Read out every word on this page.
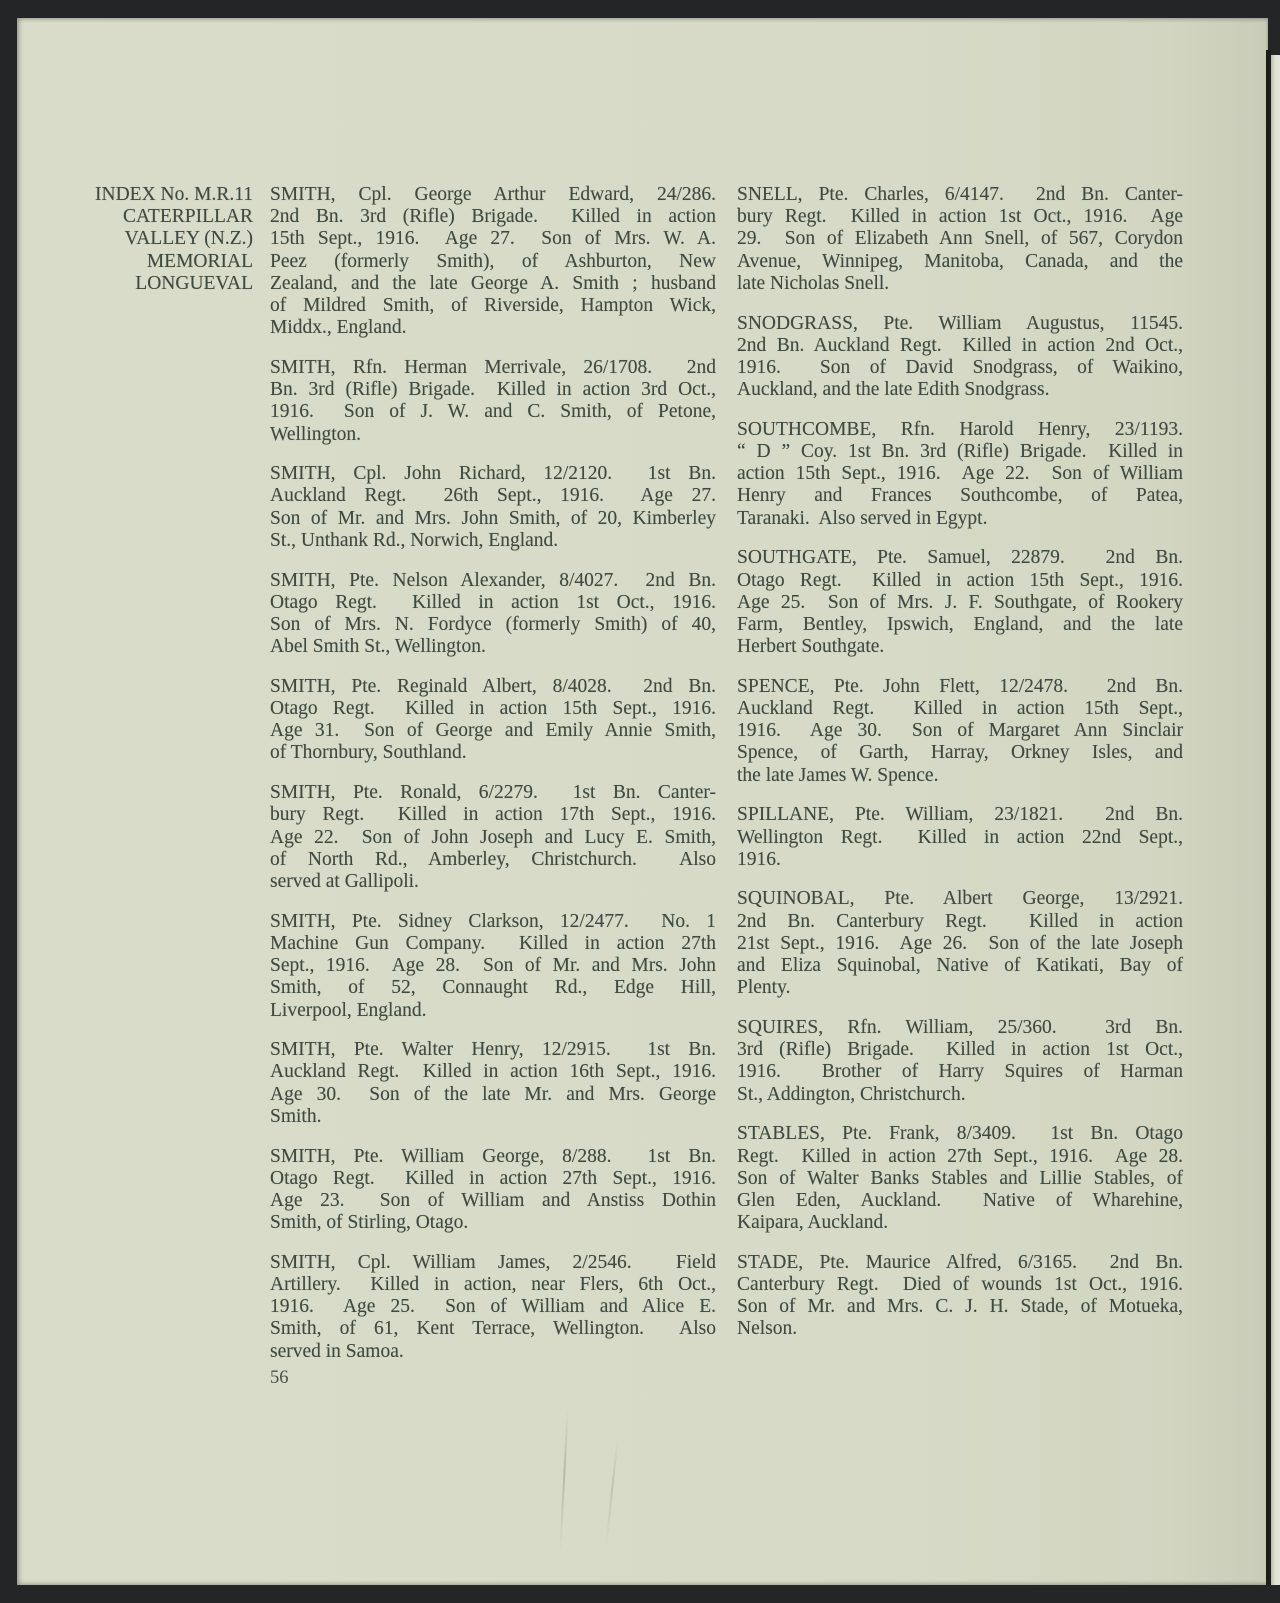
INDEX No. M.R.11
CATERPILLAR
VALLEY (N.Z.)
MEMORIAL
LONGUEVAL
SMITH, Cpl. George Arthur Edward, 24/286.
2nd Bn. 3rd (Rifle) Brigade.  Killed in action
15th Sept., 1916.  Age 27.  Son of Mrs. W. A.
Peez (formerly Smith), of Ashburton, New
Zealand, and the late George A. Smith ; husband
of Mildred Smith, of Riverside, Hampton Wick,
Middx., England.
SMITH, Rfn. Herman Merrivale, 26/1708.  2nd
Bn. 3rd (Rifle) Brigade.  Killed in action 3rd Oct.,
1916.  Son of J. W. and C. Smith, of Petone,
Wellington.
SMITH, Cpl. John Richard, 12/2120.  1st Bn.
Auckland Regt.  26th Sept., 1916.  Age 27.
Son of Mr. and Mrs. John Smith, of 20, Kimberley
St., Unthank Rd., Norwich, England.
SMITH, Pte. Nelson Alexander, 8/4027.  2nd Bn.
Otago Regt.  Killed in action 1st Oct., 1916.
Son of Mrs. N. Fordyce (formerly Smith) of 40,
Abel Smith St., Wellington.
SMITH, Pte. Reginald Albert, 8/4028.  2nd Bn.
Otago Regt.  Killed in action 15th Sept., 1916.
Age 31.  Son of George and Emily Annie Smith,
of Thornbury, Southland.
SMITH, Pte. Ronald, 6/2279.  1st Bn. Canter-
bury Regt.  Killed in action 17th Sept., 1916.
Age 22.  Son of John Joseph and Lucy E. Smith,
of North Rd., Amberley, Christchurch.  Also
served at Gallipoli.
SMITH, Pte. Sidney Clarkson, 12/2477.  No. 1
Machine Gun Company.  Killed in action 27th
Sept., 1916.  Age 28.  Son of Mr. and Mrs. John
Smith, of 52, Connaught Rd., Edge Hill,
Liverpool, England.
SMITH, Pte. Walter Henry, 12/2915.  1st Bn.
Auckland Regt.  Killed in action 16th Sept., 1916.
Age 30.  Son of the late Mr. and Mrs. George
Smith.
SMITH, Pte. William George, 8/288.  1st Bn.
Otago Regt.  Killed in action 27th Sept., 1916.
Age 23.  Son of William and Anstiss Dothin
Smith, of Stirling, Otago.
SMITH, Cpl. William James, 2/2546.  Field
Artillery.  Killed in action, near Flers, 6th Oct.,
1916.  Age 25.  Son of William and Alice E.
Smith, of 61, Kent Terrace, Wellington.  Also
served in Samoa.
SNELL, Pte. Charles, 6/4147.  2nd Bn. Canter-
bury Regt.  Killed in action 1st Oct., 1916.  Age
29.  Son of Elizabeth Ann Snell, of 567, Corydon
Avenue, Winnipeg, Manitoba, Canada, and the
late Nicholas Snell.
SNODGRASS, Pte. William Augustus, 11545.
2nd Bn. Auckland Regt.  Killed in action 2nd Oct.,
1916.  Son of David Snodgrass, of Waikino,
Auckland, and the late Edith Snodgrass.
SOUTHCOMBE, Rfn. Harold Henry, 23/1193.
“ D ” Coy. 1st Bn. 3rd (Rifle) Brigade.  Killed in
action 15th Sept., 1916.  Age 22.  Son of William
Henry and Frances Southcombe, of Patea,
Taranaki.  Also served in Egypt.
SOUTHGATE, Pte. Samuel, 22879.  2nd Bn.
Otago Regt.  Killed in action 15th Sept., 1916.
Age 25.  Son of Mrs. J. F. Southgate, of Rookery
Farm, Bentley, Ipswich, England, and the late
Herbert Southgate.
SPENCE, Pte. John Flett, 12/2478.  2nd Bn.
Auckland Regt.  Killed in action 15th Sept.,
1916.  Age 30.  Son of Margaret Ann Sinclair
Spence, of Garth, Harray, Orkney Isles, and
the late James W. Spence.
SPILLANE, Pte. William, 23/1821.  2nd Bn.
Wellington Regt.  Killed in action 22nd Sept.,
1916.
SQUINOBAL, Pte. Albert George, 13/2921.
2nd Bn. Canterbury Regt.  Killed in action
21st Sept., 1916.  Age 26.  Son of the late Joseph
and Eliza Squinobal, Native of Katikati, Bay of
Plenty.
SQUIRES, Rfn. William, 25/360.  3rd Bn.
3rd (Rifle) Brigade.  Killed in action 1st Oct.,
1916.  Brother of Harry Squires of Harman
St., Addington, Christchurch.
STABLES, Pte. Frank, 8/3409.  1st Bn. Otago
Regt.  Killed in action 27th Sept., 1916.  Age 28.
Son of Walter Banks Stables and Lillie Stables, of
Glen Eden, Auckland.  Native of Wharehine,
Kaipara, Auckland.
STADE, Pte. Maurice Alfred, 6/3165.  2nd Bn.
Canterbury Regt.  Died of wounds 1st Oct., 1916.
Son of Mr. and Mrs. C. J. H. Stade, of Motueka,
Nelson.
56
